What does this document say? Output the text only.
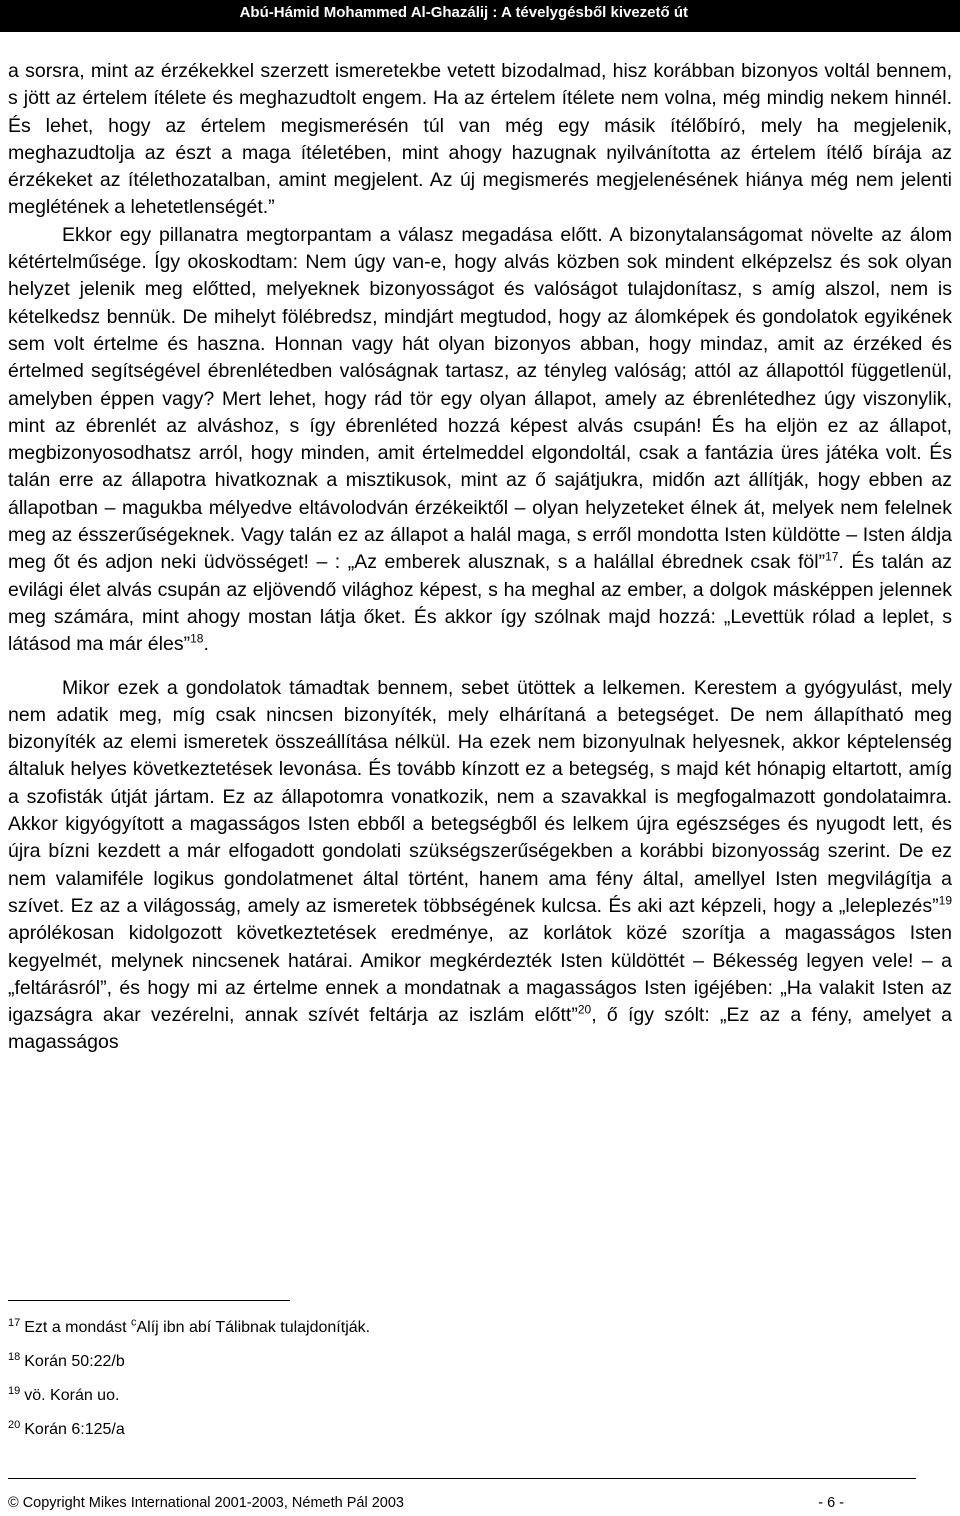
Abú-Hámid Mohammed Al-Ghazálij : A tévelygésből kivezető út

a sorsra, mint az érzékekkel szerzett ismeretekbe vetett bizodalmad, hisz korábban bizonyos voltál bennem, s jött az értelem ítélete és meghazudtolt engem. Ha az értelem ítélete nem volna, még mindig nekem hinnél. És lehet, hogy az értelem megismerésén túl van még egy másik ítélőbíró, mely ha megjelenik, meghazudtolja az észt a maga ítéletében, mint ahogy hazugnak nyilvánította az értelem ítélő bírája az érzékeket az ítélethozatalban, amint megjelent. Az új megismerés megjelenésének hiánya még nem jelenti meglétének a lehetetlenségét.”

Ekkor egy pillanatra megtorpantam a válasz megadása előtt. A bizonytalanságomat növelte az álom kétértelműsége. Így okoskodtam: Nem úgy van-e, hogy alvás közben sok mindent elképzelsz és sok olyan helyzet jelenik meg előtted, melyeknek bizonyosságot és valóságot tulajdonítasz, s amíg alszol, nem is kételkedsz bennük. De mihelyt fölébredsz, mindjárt megtudod, hogy az álomképek és gondolatok egyikének sem volt értelme és haszna. Honnan vagy hát olyan bizonyos abban, hogy mindaz, amit az érzéked és értelmed segítségével ébrenlétedben valóságnak tartasz, az tényleg valóság; attól az állapottól függetlenül, amelyben éppen vagy? Mert lehet, hogy rád tör egy olyan állapot, amely az ébrenlétedhez úgy viszonylik, mint az ébrenlét az alváshoz, s így ébrenléted hozzá képest alvás csupán! És ha eljön ez az állapot, megbizonyosodhatsz arról, hogy minden, amit értelmeddel elgondoltál, csak a fantázia üres játéka volt. És talán erre az állapotra hivatkoznak a misztikusok, mint az ő sajátjukra, midőn azt állítják, hogy ebben az állapotban – magukba mélyedve eltávolodván érzékeiktől – olyan helyzeteket élnek át, melyek nem felelnek meg az ésszerűségeknek. Vagy talán ez az állapot a halál maga, s erről mondotta Isten küldötte – Isten áldja meg őt és adjon neki üdvösséget! – : „Az emberek alusznak, s a halállal ébrednek csak föl”$^{17}$. És talán az evilági élet alvás csupán az eljövendő világhoz képest, s ha meghal az ember, a dolgok másképpen jelennek meg számára, mint ahogy mostan látja őket. És akkor így szólnak majd hozzá: „Levettük rólad a leplet, s látásod ma már éles”$^{18}$.

Mikor ezek a gondolatok támadtak bennem, sebet ütöttek a lelkemen. Kerestem a gyógyulást, mely nem adatik meg, míg csak nincsen bizonyíték, mely elhárítaná a betegséget. De nem állapítható meg bizonyíték az elemi ismeretek összeállítása nélkül. Ha ezek nem bizonyulnak helyesnek, akkor képtelenség általuk helyes következtetések levonása. És tovább kínzott ez a betegség, s majd két hónapig eltartott, amíg a szofisták útját jártam. Ez az állapotomra vonatkozik, nem a szavakkal is megfogalmazott gondolataimra. Akkor kigyógyított a magasságos Isten ebből a betegségből és lelkem újra egészséges és nyugodt lett, és újra bízni kezdett a már elfogadott gondolati szükségszerűségekben a korábbi bizonyosság szerint. De ez nem valamiféle logikus gondolatmenet által történt, hanem ama fény által, amellyel Isten megvilágítja a szívet. Ez az a világosság, amely az ismeretek többségének kulcsa. És aki azt képzeli, hogy a „leleplezés”$^{19}$ aprólékosan kidolgozott következtetések eredménye, az korlátok közé szorítja a magasságos Isten kegyelmét, melynek nincsenek határai. Amikor megkérdezték Isten küldöttét – Békesség legyen vele! – a „feltárásról”, és hogy mi az értelme ennek a mondatnak a magasságos Isten igéjében: „Ha valakit Isten az igazságra akar vezérelni, annak szívét feltárja az iszlám előtt”$^{20}$, ő így szólt: „Ez az a fény, amelyet a magasságos

$^{17}$ Ezt a mondást $^c$Alíj ibn abí Tálibnak tulajdonítják.

$^{18}$ Korán 50:22/b

$^{19}$ vö. Korán uo.

$^{20}$ Korán 6:125/a

© Copyright Mikes International 2001-2003, Németh Pál 2003	- 6 -
